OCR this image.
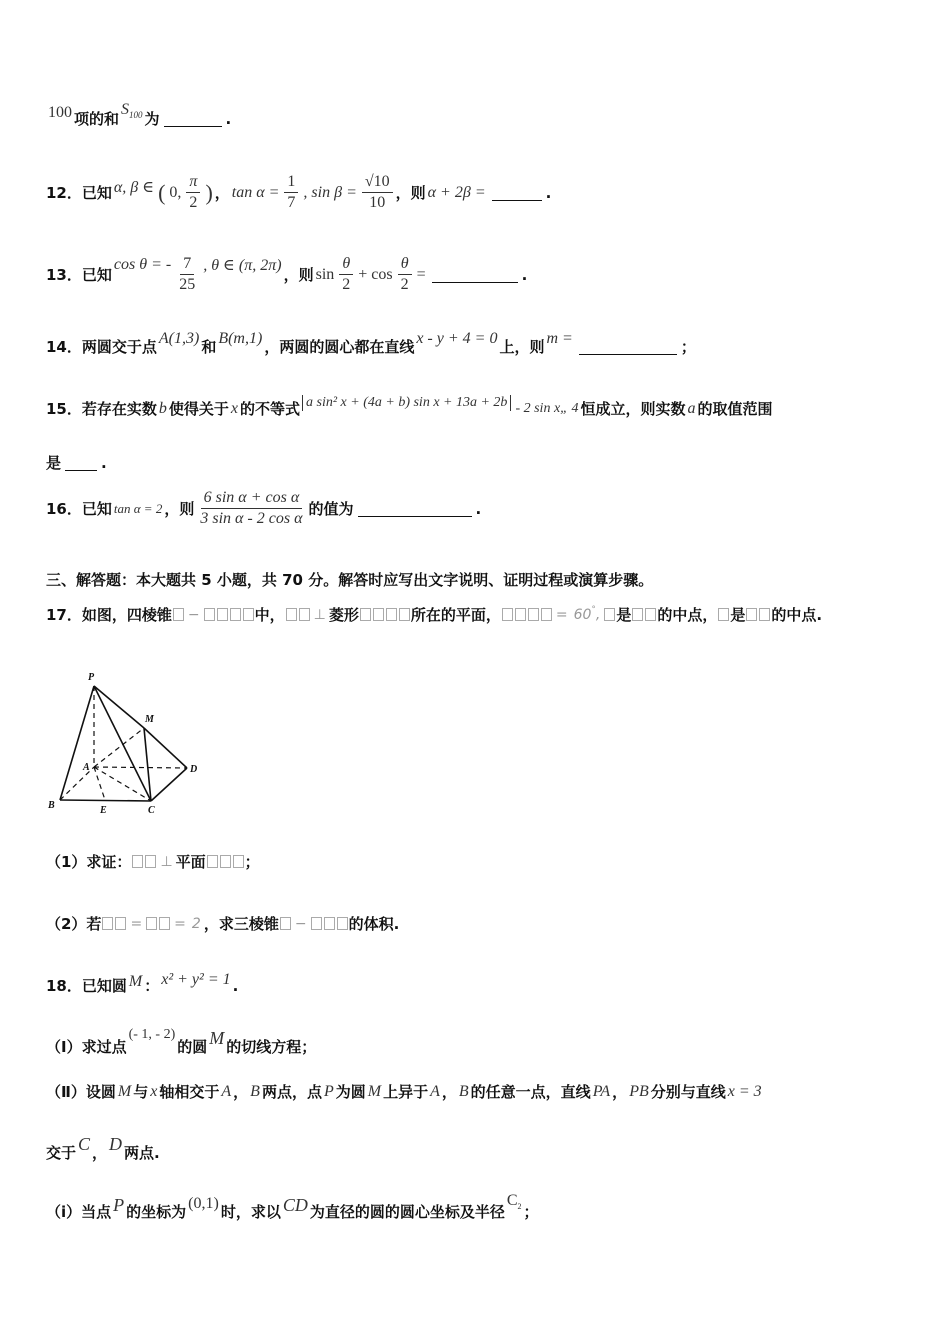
100 项的和
$S_{100}$ 为	.
12．已知 α, β ∈ ( 0, $\frac{\pi}{2}$ ) ， $\tan \alpha = \frac{1}{7}$ , $\sin \beta = \frac{√10}{10}$ ，则 α + 2β =	.
13．已知
cos θ = - $\frac{7}{25}$ , θ ∈ (π, 2π)
，则 $\sin \frac{\theta}{2} + \cos \frac{\theta}{2}$ =	.
14．两圆交于点 A(1,3) 和 B(m,1) ，两圆的圆心都在直线 x - y + 4 = 0 上，则 m =	；
15．若存在实数 b 使得关于 x 的不等式 a sin² x + (4a + b) sin x + 13a + 2b - 2 sin x„ 4 恒成立，则实数 a 的取值范围
是	.
16．已知 tan α = 2 ，则 $\frac{\text{6 sin α + cos α}}{\text{3 sin α - 2 cos α}}$ 的值为	.
三、解答题：本大题共 5 小题，共 70 分。解答时应写出文字说明、证明过程或演算步骤。
17．如图，四棱锥 −	中， ⊥ 菱形	所在的平面，	= 60°, 是 的中点， 是 的中点.
P
M
A	D
B	E	C
（1）求证： ⊥ 平面	；
（2）若 = = 2 ，求三棱锥 −	的体积.
18．已知圆 M ： x² + y² = 1 .
（Ⅰ）求过点
(- 1, - 2)
的圆 M 的切线方程；
（Ⅱ）设圆 M 与 x 轴相交于 A ， B 两点，点 P 为圆 M 上异于 A ， B 的任意一点，直线 PA ， PB 分别与直线 x = 3
交于 C ， D 两点.
（ⅰ）当点 P 的坐标为 (0,1) 时，求以 CD 为直径的圆的圆心坐标及半径
$C_2$ ；
